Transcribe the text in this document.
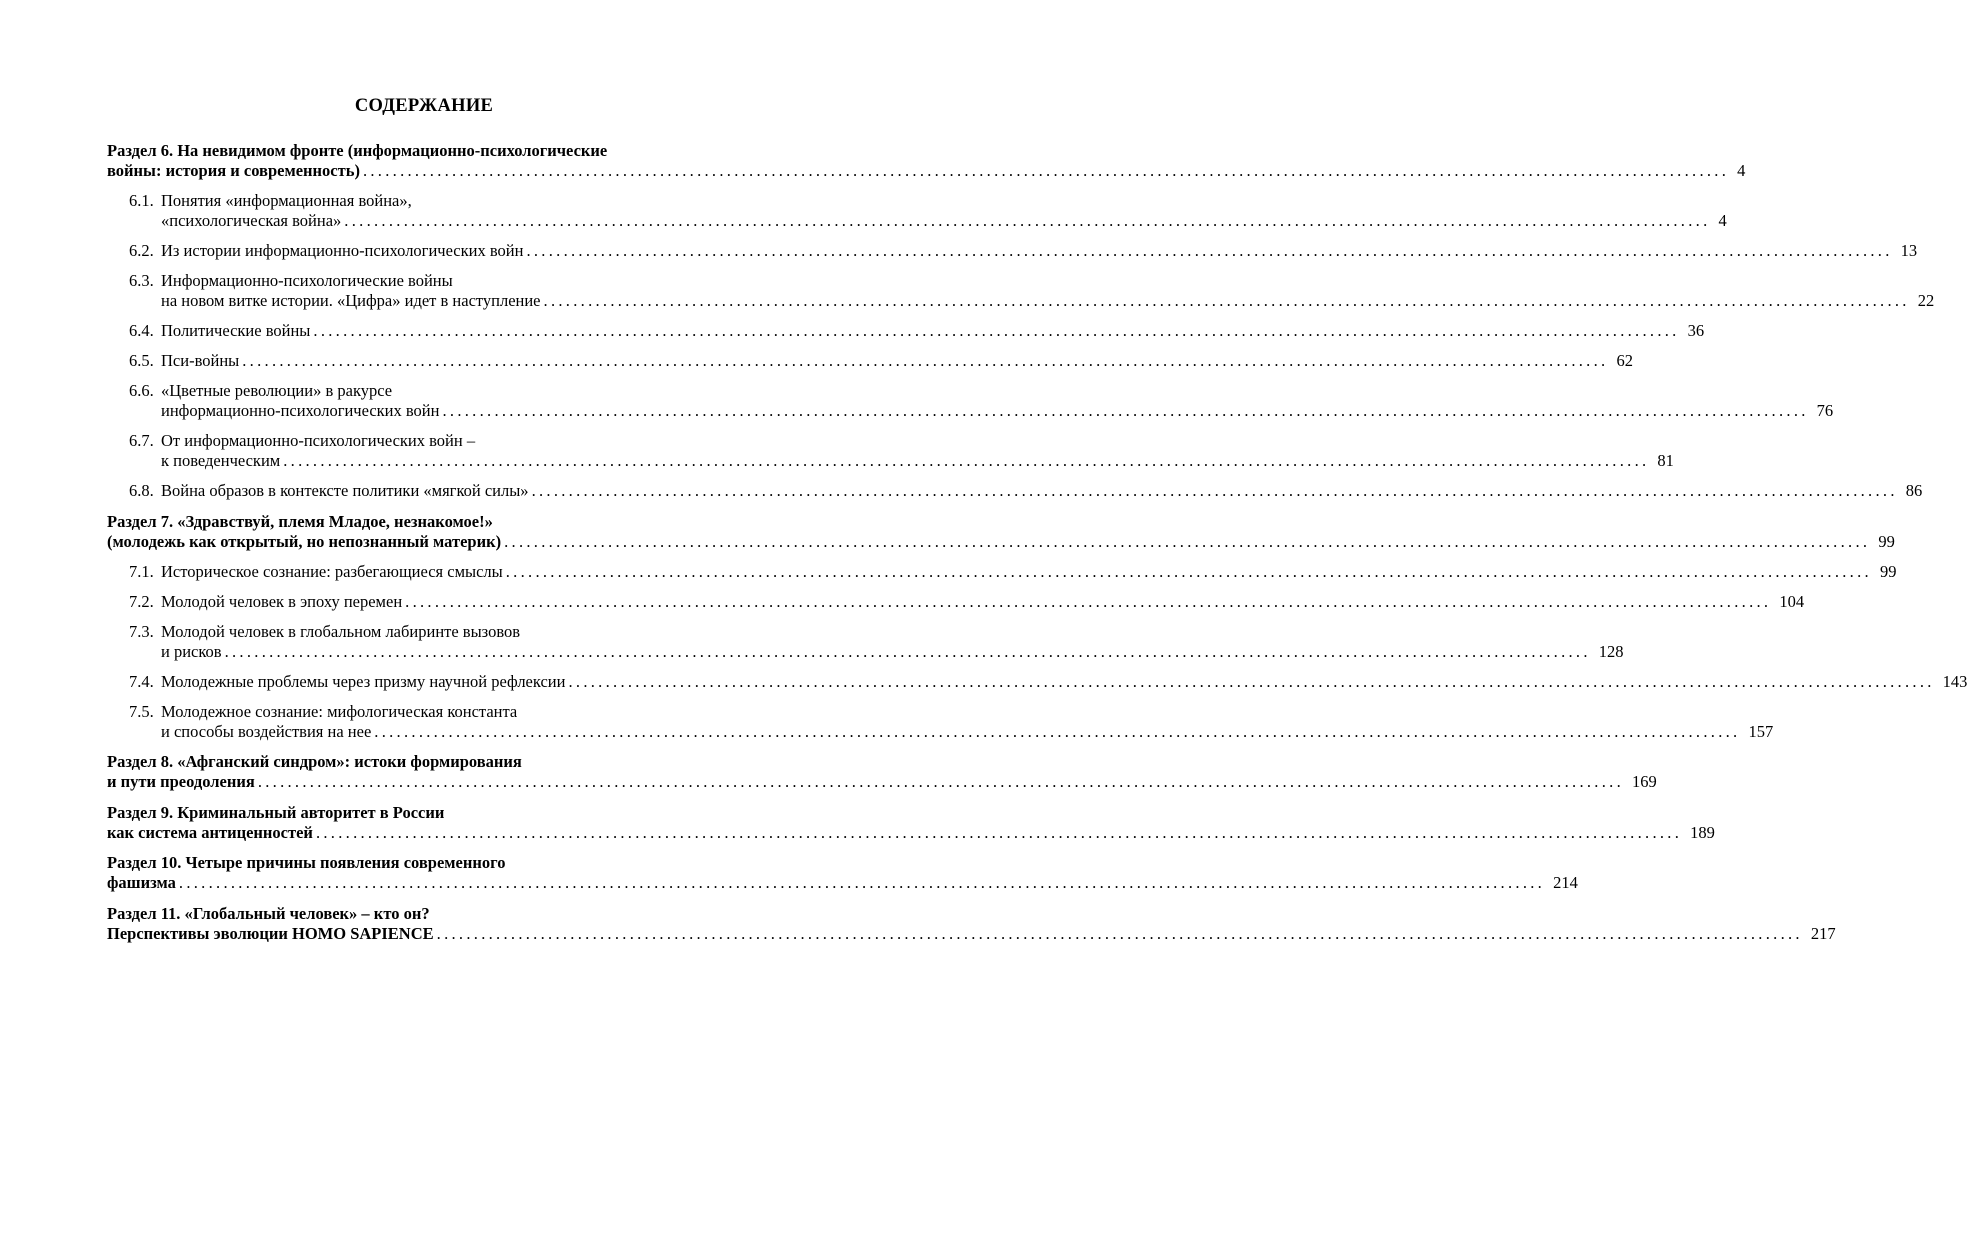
СОДЕРЖАНИЕ
Раздел 6. На невидимом фронте (информационно-психологические
войны: история и современность) ........................................................................................................................................................................................ 4
6.1. Понятия «информационная война»,
«психологическая война» ........................................................................................................................................................................................ 4
6.2. Из истории информационно-психологических войн ........................................................................................................................................................................................ 13
6.3. Информационно-психологические войны
на новом витке истории. «Цифра» идет в наступление ........................................................................................................................................................................................ 22
6.4. Политические войны ........................................................................................................................................................................................ 36
6.5. Пси-войны ........................................................................................................................................................................................ 62
6.6. «Цветные революции» в ракурсе
информационно-психологических войн ........................................................................................................................................................................................ 76
6.7. От информационно-психологических войн –
к поведенческим ........................................................................................................................................................................................ 81
6.8. Война образов в контексте политики «мягкой силы» ........................................................................................................................................................................................ 86
Раздел 7. «Здравствуй, племя Младое, незнакомое!»
(молодежь как открытый, но непознанный материк) ........................................................................................................................................................................................ 99
7.1. Историческое сознание: разбегающиеся смыслы ........................................................................................................................................................................................ 99
7.2. Молодой человек в эпоху перемен ........................................................................................................................................................................................ 104
7.3. Молодой человек в глобальном лабиринте вызовов
и рисков ........................................................................................................................................................................................ 128
7.4. Молодежные проблемы через призму научной рефлексии ........................................................................................................................................................................................ 143
7.5. Молодежное сознание: мифологическая константа
и способы воздействия на нее ........................................................................................................................................................................................ 157
Раздел 8. «Афганский синдром»: истоки формирования
и пути преодоления ........................................................................................................................................................................................ 169
Раздел 9. Криминальный авторитет в России
как система антиценностей ........................................................................................................................................................................................ 189
Раздел 10. Четыре причины появления современного
фашизма ........................................................................................................................................................................................ 214
Раздел 11. «Глобальный человек» – кто он?
Перспективы эволюции HOMO SAPIENCE ........................................................................................................................................................................................ 217
